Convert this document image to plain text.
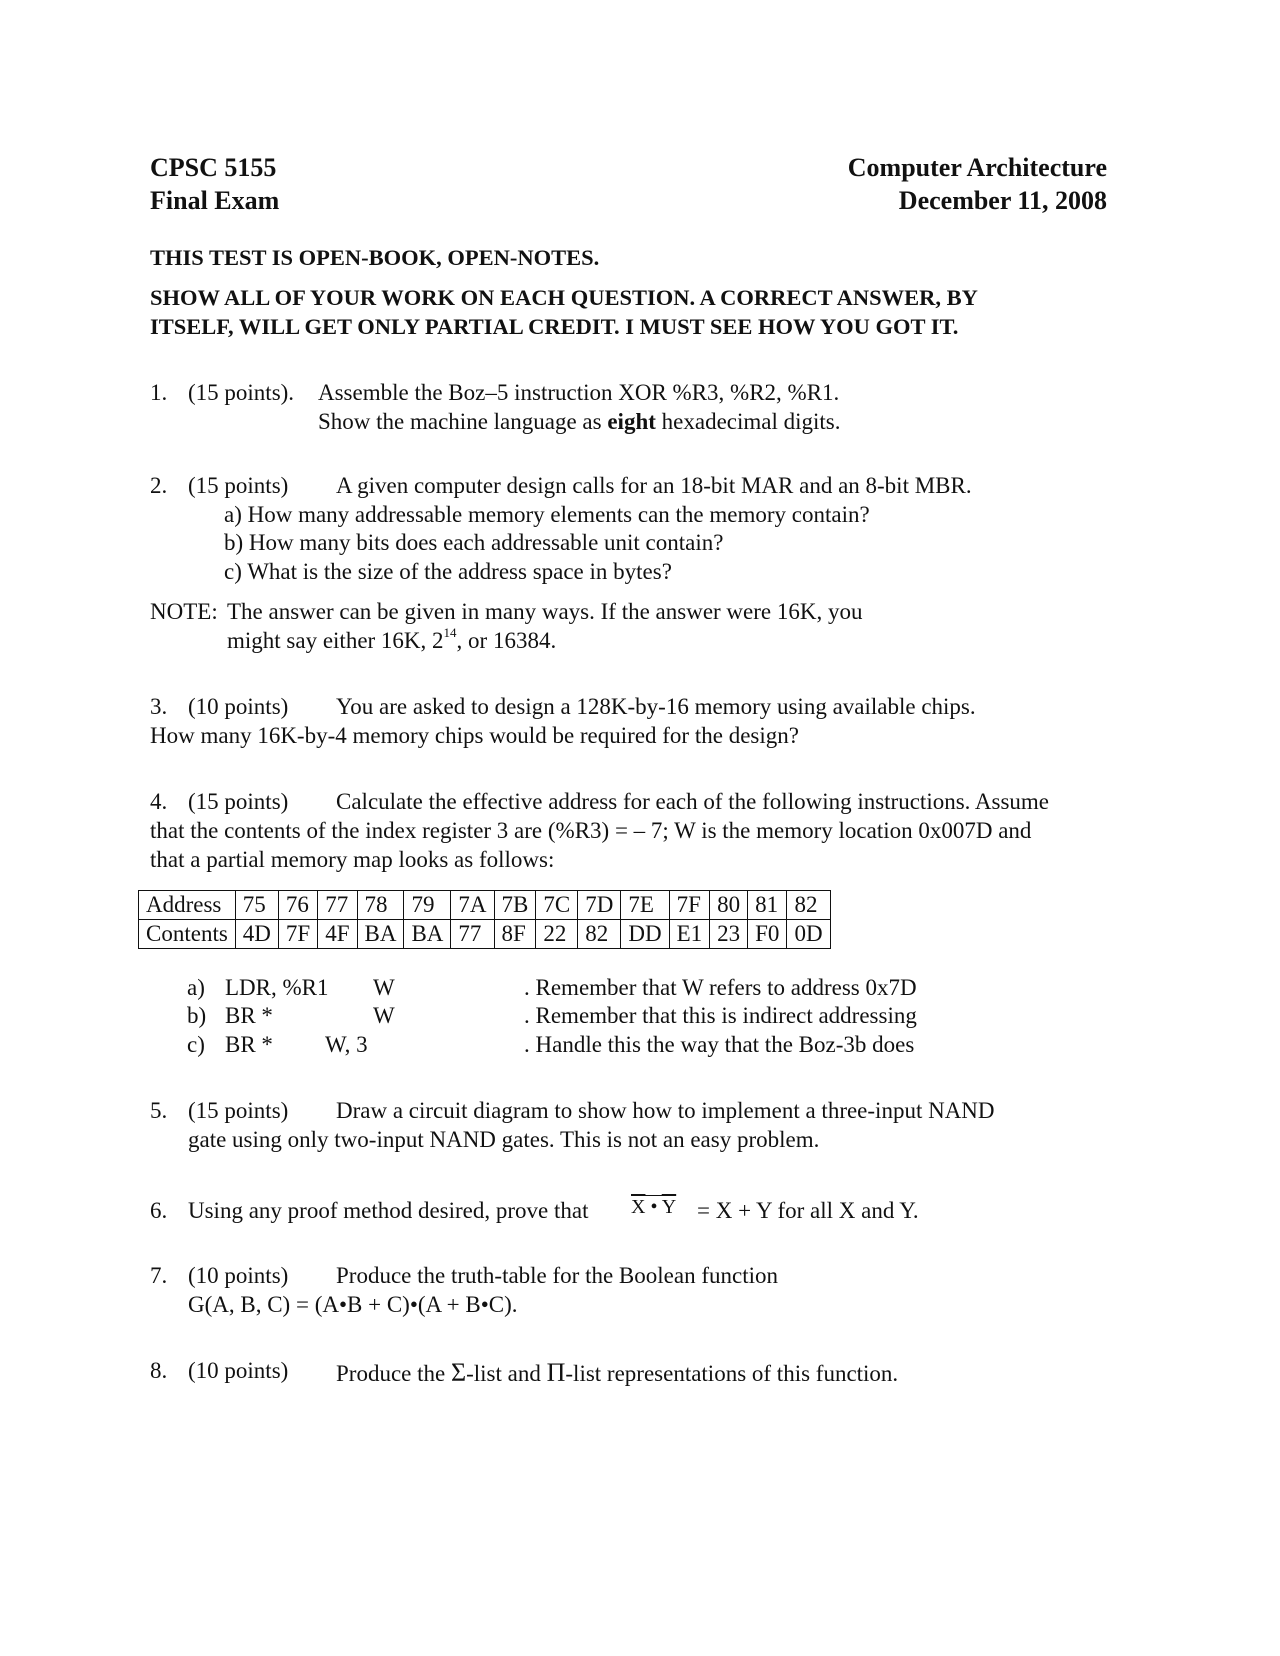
CPSC 5155
Final Exam
Computer Architecture
December 11, 2008
THIS TEST IS OPEN-BOOK, OPEN-NOTES.
SHOW ALL OF YOUR WORK ON EACH QUESTION. A CORRECT ANSWER, BY
ITSELF, WILL GET ONLY PARTIAL CREDIT. I MUST SEE HOW YOU GOT IT.
1. (15 points). Assemble the Boz–5 instruction XOR %R3, %R2, %R1.
Show the machine language as eight hexadecimal digits.
2. (15 points) A given computer design calls for an 18-bit MAR and an 8-bit MBR.
a) How many addressable memory elements can the memory contain?
b) How many bits does each addressable unit contain?
c) What is the size of the address space in bytes?
NOTE: The answer can be given in many ways. If the answer were 16K, you
might say either 16K, $2^{14}$, or 16384.
3. (10 points) You are asked to design a 128K-by-16 memory using available chips.
How many 16K-by-4 memory chips would be required for the design?
4. (15 points) Calculate the effective address for each of the following instructions. Assume
that the contents of the index register 3 are (%R3) = – 7; W is the memory location 0x007D and
that a partial memory map looks as follows:
Address	75	76	77	78	79	7A	7B	7C	7D	7E	7F	80	81	82
Contents	4D	7F	4F	BA	BA	77	8F	22	82	DD	E1	23	F0	0D
a) LDR, %R1 W	. Remember that W refers to address 0x7D
b) BR *	W	. Remember that this is indirect addressing
c) BR * W, 3	. Handle this the way that the Boz-3b does
5. (15 points) Draw a circuit diagram to show how to implement a three-input NAND
gate using only two-input NAND gates. This is not an easy problem.
6. Using any proof method desired, prove that $\overline{X}$ • $\overline{Y} = X + Y$ for all X and Y.
7. (10 points) Produce the truth-table for the Boolean function
G(A, B, C) = (A•B + C)•(A + B•C).
8. (10 points) Produce the Σ-list and Π-list representations of this function.
